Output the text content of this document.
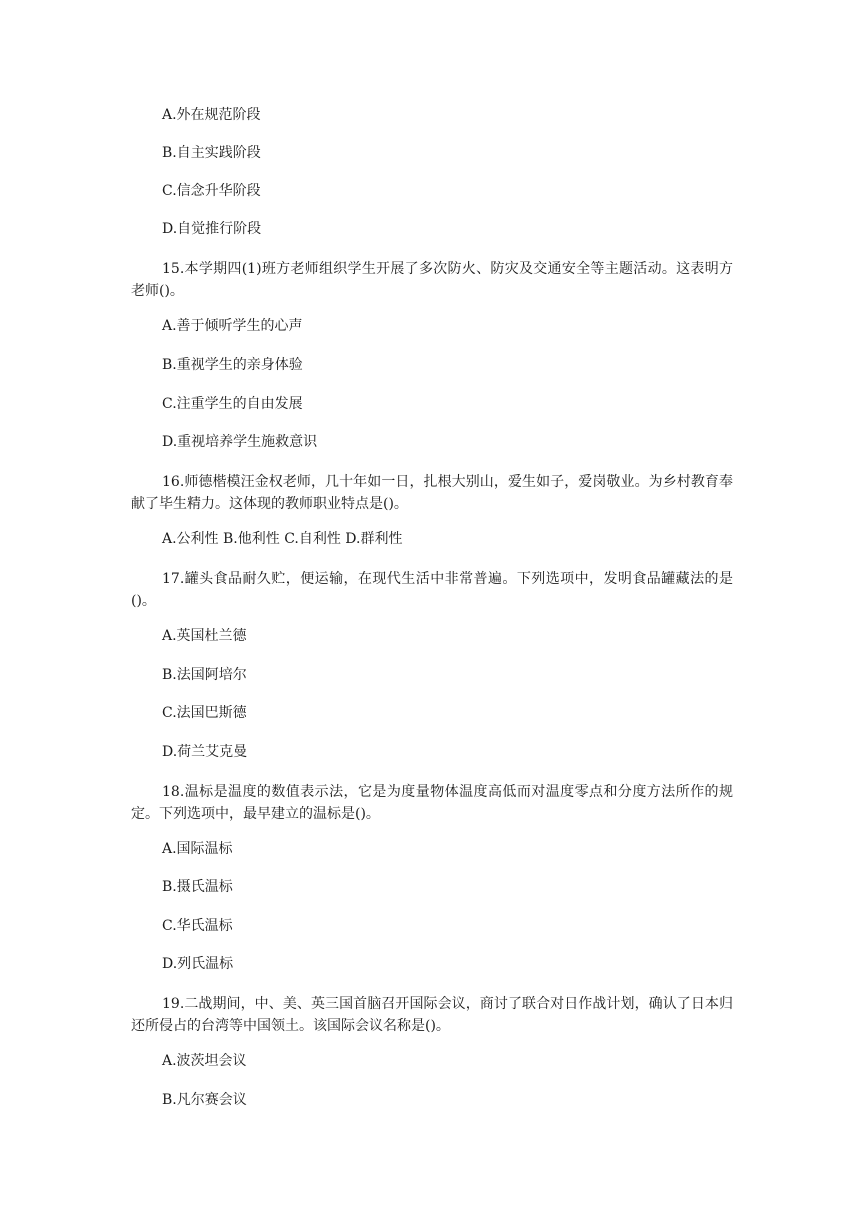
A.外在规范阶段
B.自主实践阶段
C.信念升华阶段
D.自觉推行阶段
15.本学期四(1)班方老师组织学生开展了多次防火、防灾及交通安全等主题活动。这表明方老师()。
A.善于倾听学生的心声
B.重视学生的亲身体验
C.注重学生的自由发展
D.重视培养学生施救意识
16.师德楷模汪金权老师，几十年如一日，扎根大别山，爱生如子，爱岗敬业。为乡村教育奉献了毕生精力。这体现的教师职业特点是()。
A.公利性 B.他利性 C.自利性 D.群利性
17.罐头食品耐久贮，便运输，在现代生活中非常普遍。下列选项中，发明食品罐藏法的是()。
A.英国杜兰德
B.法国阿培尔
C.法国巴斯德
D.荷兰艾克曼
18.温标是温度的数值表示法，它是为度量物体温度高低而对温度零点和分度方法所作的规定。下列选项中，最早建立的温标是()。
A.国际温标
B.摄氏温标
C.华氏温标
D.列氏温标
19.二战期间，中、美、英三国首脑召开国际会议，商讨了联合对日作战计划，确认了日本归还所侵占的台湾等中国领土。该国际会议名称是()。
A.波茨坦会议
B.凡尔赛会议
